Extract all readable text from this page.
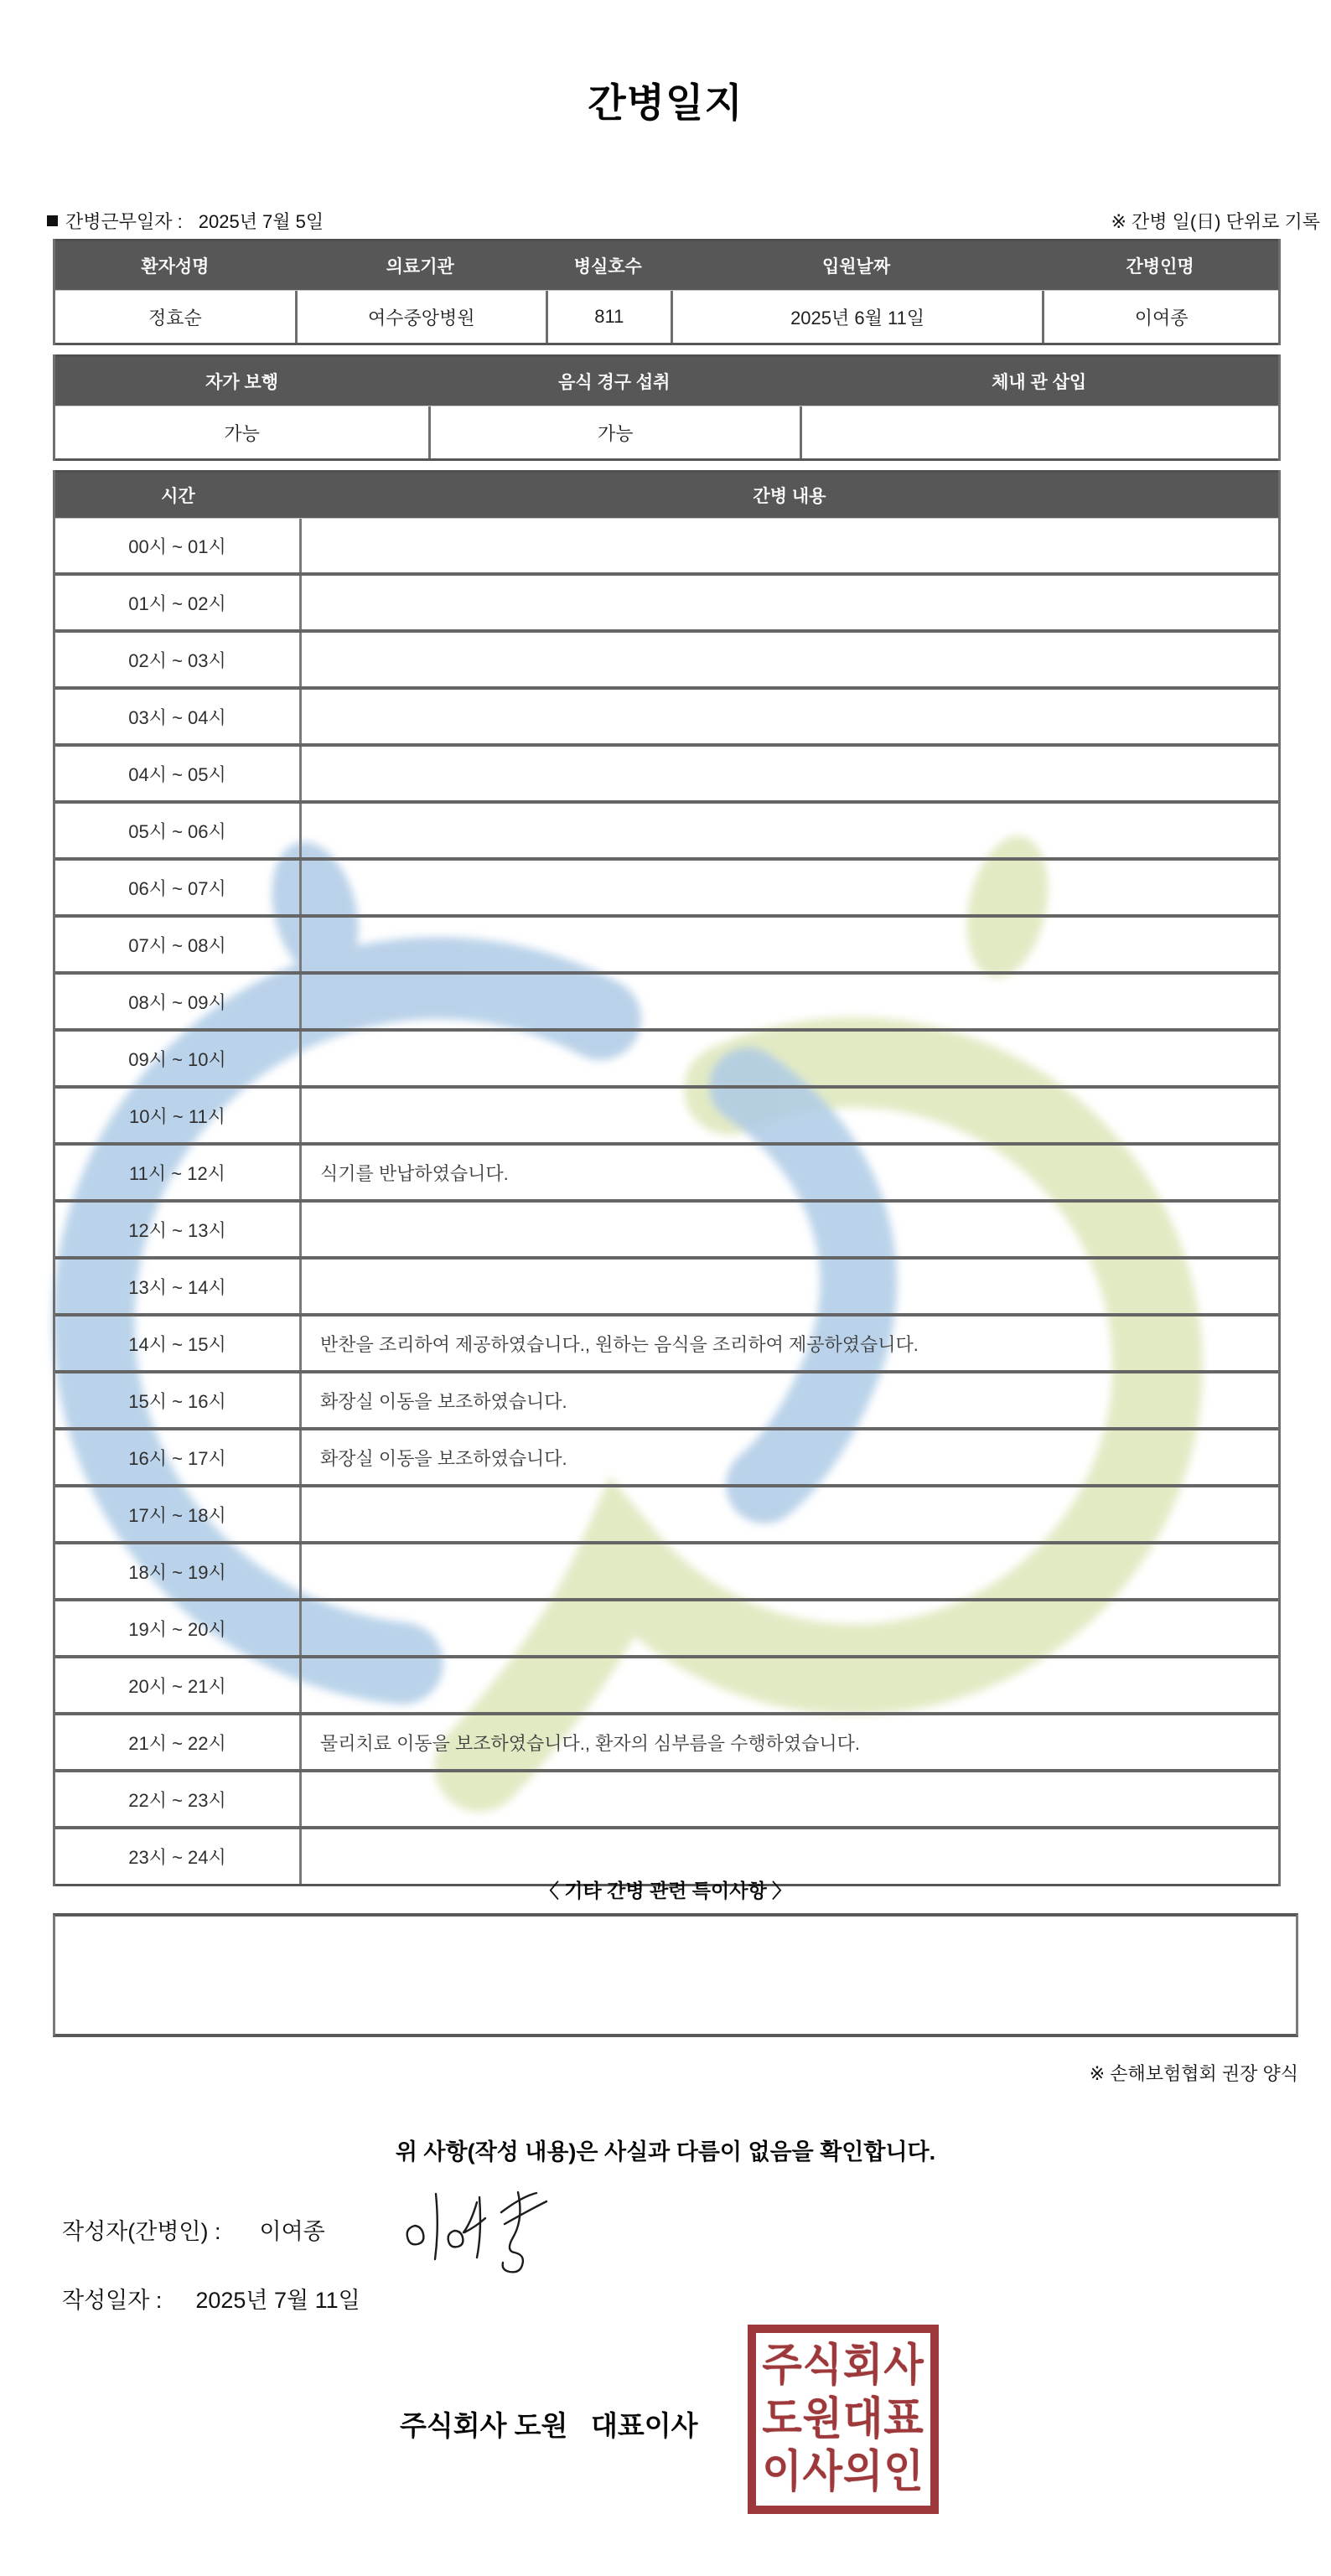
간병일지
간병근무일자 : 2025년 7월 5일	※ 간병 일(日) 단위로 기록
환자성명	의료기관	병실호수	입원날짜	간병인명
정효순	여수중앙병원	811	2025년 6월 11일	이여종
자가 보행	음식 경구 섭취	체내 관 삽입
가능	가능
시간	간병 내용
00시 ~ 01시
01시 ~ 02시
02시 ~ 03시
03시 ~ 04시
04시 ~ 05시
05시 ~ 06시
06시 ~ 07시
07시 ~ 08시
08시 ~ 09시
09시 ~ 10시
10시 ~ 11시
11시 ~ 12시	식기를 반납하였습니다.
12시 ~ 13시
13시 ~ 14시
14시 ~ 15시	반찬을 조리하여 제공하였습니다., 원하는 음식을 조리하여 제공하였습니다.
15시 ~ 16시	화장실 이동을 보조하였습니다.
16시 ~ 17시	화장실 이동을 보조하였습니다.
17시 ~ 18시
18시 ~ 19시
19시 ~ 20시
20시 ~ 21시
21시 ~ 22시	물리치료 이동을 보조하였습니다., 환자의 심부름을 수행하였습니다.
22시 ~ 23시
23시 ~ 24시
〈 기타 간병 관련 특이사항 〉
※ 손해보험협회 권장 양식
위 사항(작성 내용)은 사실과 다름이 없음을 확인합니다.
작성자(간병인) : 이여종
작성일자 : 2025년 7월 11일
주식회사 도원   대표이사
주식회사
도원대표
이사의인
